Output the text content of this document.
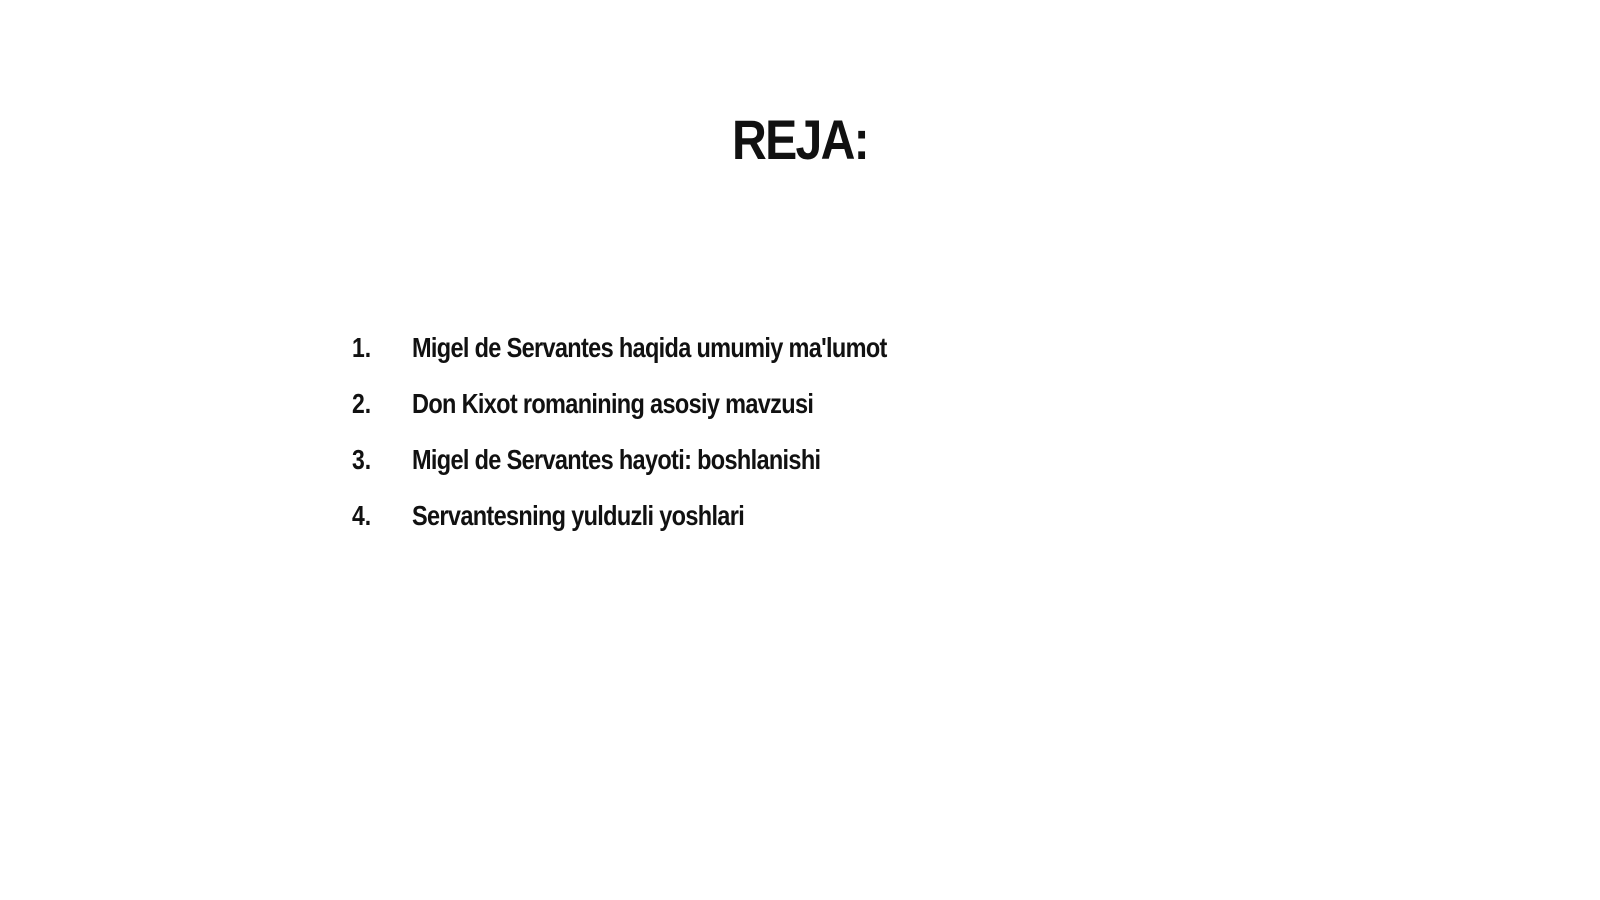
REJA:
1.	Migel de Servantes haqida umumiy ma'lumot
2.	Don Kixot romanining asosiy mavzusi
3.	Migel de Servantes hayoti: boshlanishi
4.	Servantesning yulduzli yoshlari
